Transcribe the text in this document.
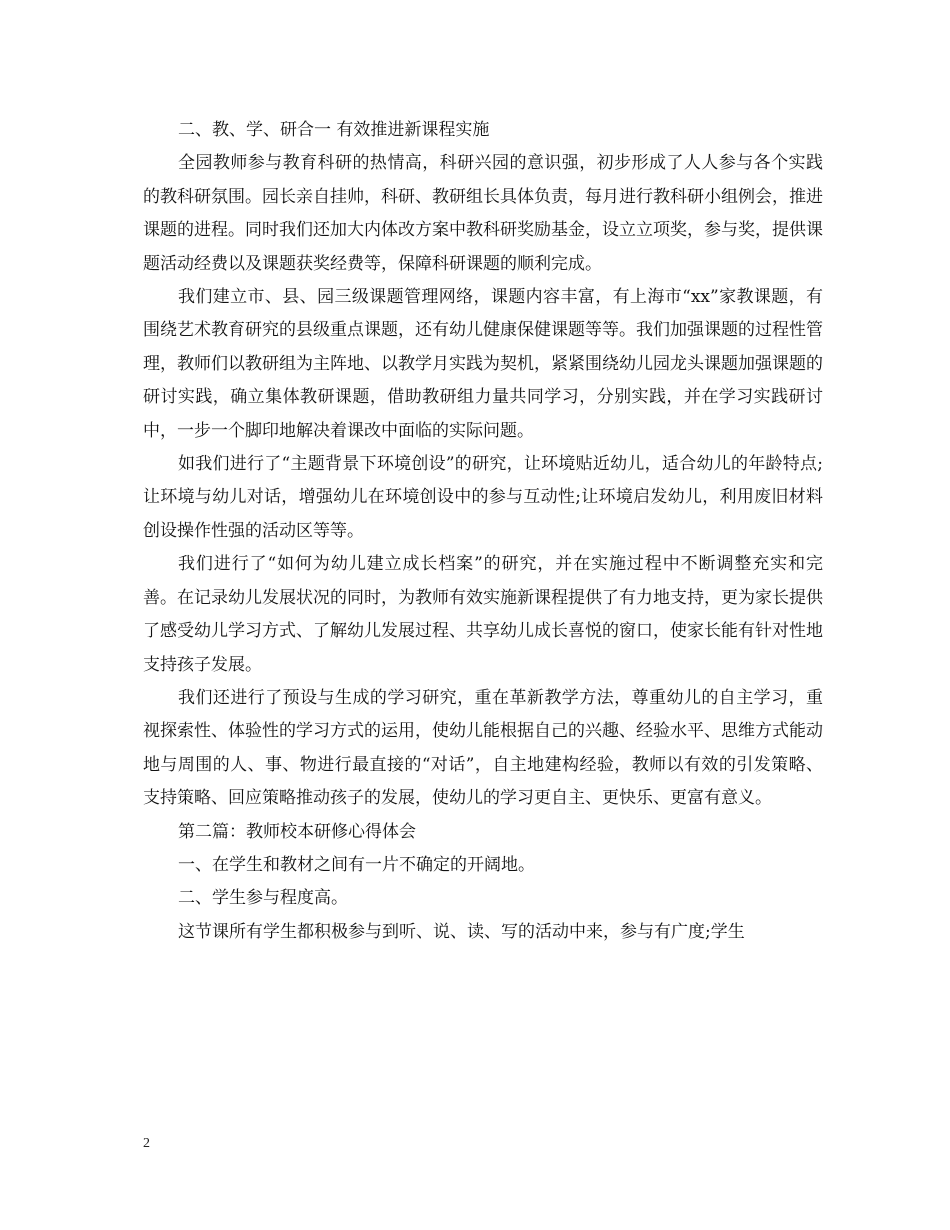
二、教、学、研合一 有效推进新课程实施

全园教师参与教育科研的热情高，科研兴园的意识强，初步形成了人人参与各个实践的教科研氛围。园长亲自挂帅，科研、教研组长具体负责，每月进行教科研小组例会，推进课题的进程。同时我们还加大内体改方案中教科研奖励基金，设立立项奖，参与奖，提供课题活动经费以及课题获奖经费等，保障科研课题的顺利完成。

我们建立市、县、园三级课题管理网络，课题内容丰富，有上海市“xx”家教课题，有围绕艺术教育研究的县级重点课题，还有幼儿健康保健课题等等。我们加强课题的过程性管理，教师们以教研组为主阵地、以教学月实践为契机，紧紧围绕幼儿园龙头课题加强课题的研讨实践，确立集体教研课题，借助教研组力量共同学习，分别实践，并在学习实践研讨中，一步一个脚印地解决着课改中面临的实际问题。

如我们进行了“主题背景下环境创设”的研究，让环境贴近幼儿，适合幼儿的年龄特点;让环境与幼儿对话，增强幼儿在环境创设中的参与互动性;让环境启发幼儿，利用废旧材料创设操作性强的活动区等等。

我们进行了“如何为幼儿建立成长档案”的研究，并在实施过程中不断调整充实和完善。在记录幼儿发展状况的同时，为教师有效实施新课程提供了有力地支持，更为家长提供了感受幼儿学习方式、了解幼儿发展过程、共享幼儿成长喜悦的窗口，使家长能有针对性地支持孩子发展。

我们还进行了预设与生成的学习研究，重在革新教学方法，尊重幼儿的自主学习，重视探索性、体验性的学习方式的运用，使幼儿能根据自己的兴趣、经验水平、思维方式能动地与周围的人、事、物进行最直接的“对话”，自主地建构经验，教师以有效的引发策略、支持策略、回应策略推动孩子的发展，使幼儿的学习更自主、更快乐、更富有意义。

第二篇：教师校本研修心得体会

一、在学生和教材之间有一片不确定的开阔地。

二、学生参与程度高。

这节课所有学生都积极参与到听、说、读、写的活动中来，参与有广度;学生

2
